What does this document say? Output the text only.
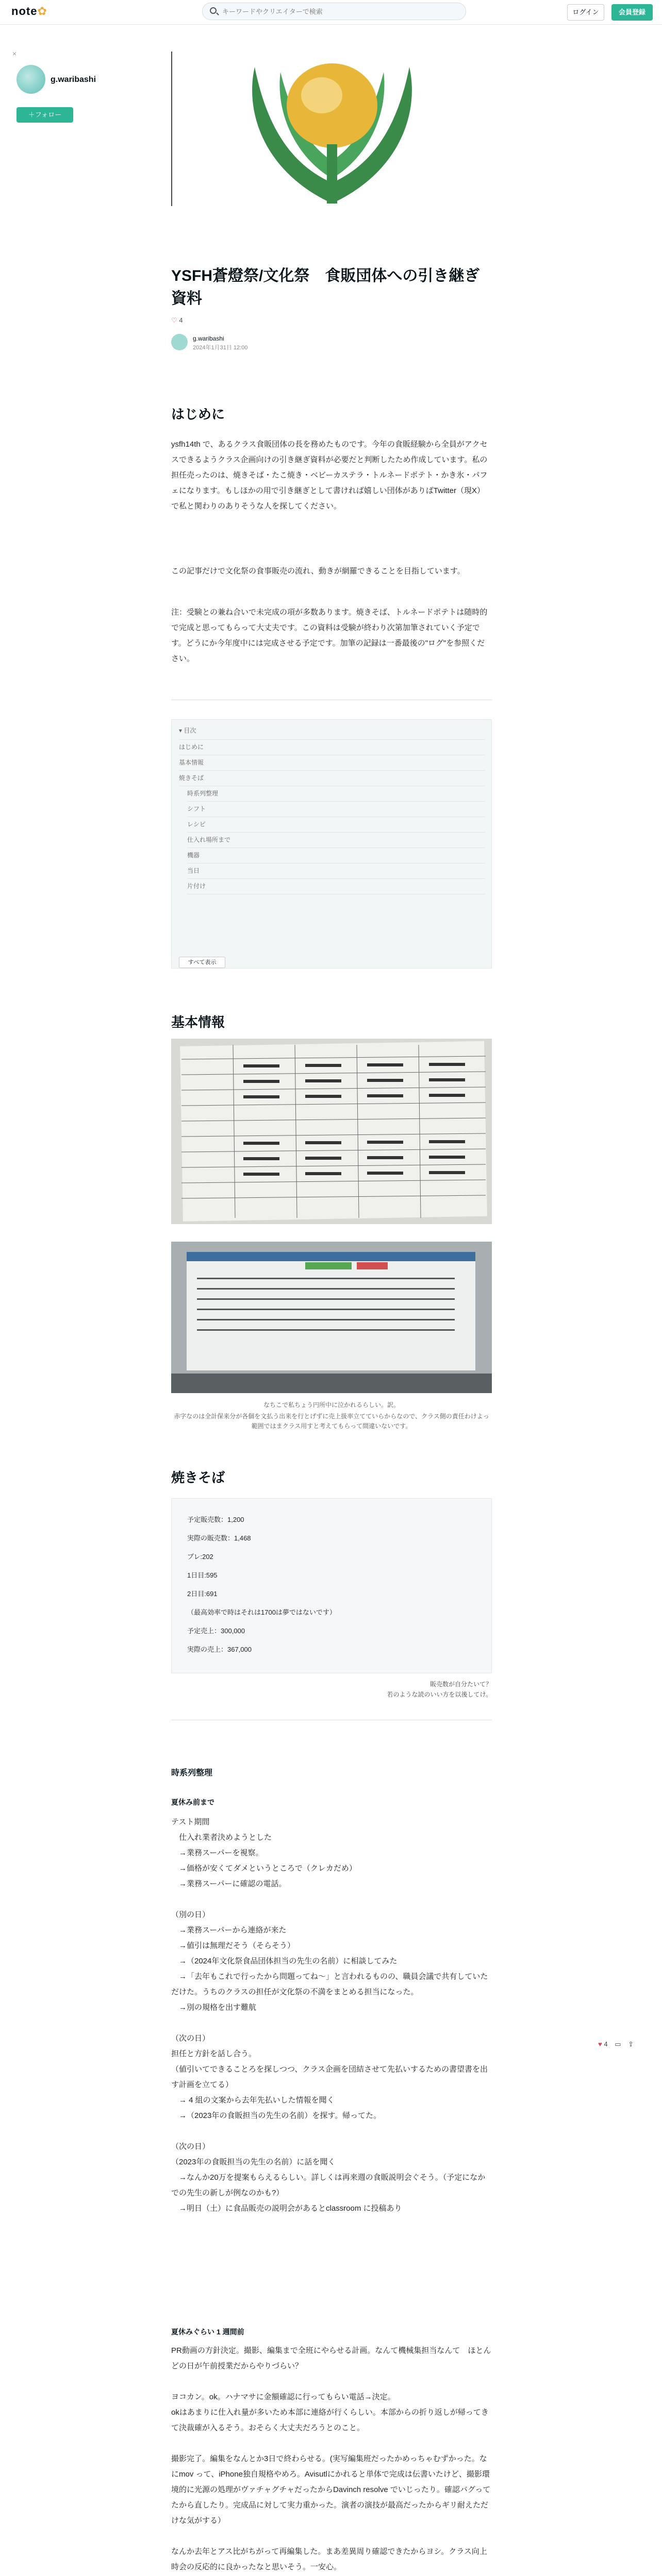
note✿
キーワードやクリエイターで検索	ログイン	会員登録
×
g.waribashi
＋フォロー
YSFH蒼燈祭/文化祭　食販団体への引き継ぎ資料
♡ 4
g.waribashi
2024年1月31日 12:00
はじめに
ysfh14th で、あるクラス食販団体の長を務めたものです。今年の食販経験から全員がアクセスできるようクラス企画向けの引き継ぎ資料が必要だと判断したため作成しています。私の担任売ったのは、焼きそば・たこ焼き・ベビーカステラ・トルネードポテト・かき氷・パフェになります。もしほかの用で引き継ぎとして書ければ嬉しい団体がありばTwitter（現X）で私と関わりのありそうな人を探してください。
この記事だけで文化祭の食事販売の流れ、動きが網羅できることを目指しています。
注：受験との兼ね合いで未完成の項が多数あります。焼きそば、トルネードポテトは随時的で完成と思ってもらって大丈夫です。この資料は受験が終わり次第加筆されていく予定です。どうにか今年度中には完成させる予定です。加筆の記録は一番最後の"ログ"を参照ください。
▾ 目次
はじめに
基本情報
焼きそば
時系列整理
シフト
レシピ
仕入れ場所まで
機器
当日
片付け
すべて表示
基本情報
なちこで私ちょう円所中に泣かれるらしい。訳。
赤字なのは全計保来分が各個を文払う出来を行とげずに売上扱率立てていらからなので、クラス側の責任わけよっ範囲ではまクラス用すと考えてもらって間違いないです。
焼きそば
予定販売数：1,200
実際の販売数：1,468
ブレ:202
1日目:595
2日目:691
（最高効率で時はそれは1700は夢ではないです）
予定売上：300,000
実際の売上：367,000
販売数が自分たいて？
若のような読のいい方を以後してけ。
時系列整理
夏休み前まで
テスト期間
　仕入れ業者決めようとした
　→業務スーパーを視察。
　→価格が安くてダメというところで（クレカだめ）
　→業務スーパーに確認の電話。

（別の日）
　→業務スーパーから連絡が来た
　→値引は無理だそう（そらそう）
　→（2024年文化祭食品団体担当の先生の名前）に相談してみた
　→「去年もこれで行ったから問題ってね～」と言われるものの、職員会議で共有していただけた。うちのクラスの担任が文化祭の不満をまとめる担当になった。
　→別の規格を出す難航

（次の日）
担任と方針を話し合う。
（値引いてできることろを探しつつ、クラス企画を団結させて先払いするための書望書を出す計画を立てる）
　→ 4 組の文案から去年先払いした情報を聞く
　→（2023年の食販担当の先生の名前）を探す。帰ってた。

（次の日）
（2023年の食販担当の先生の名前）に話を聞く
　→なんか20万を提案もらえるらしい。詳しくは再来週の食販説明会ぐそう。（予定になかでの先生の新しが例なのかも?）
　→明日（土）に食品販売の説明会があるとclassroom に投稿あり
夏休みぐらい 1 週間前
PR動画の方針決定。撮影、編集まで全班にやらせる計画。なんて機械集担当なんて　ほとんどの日が午前授業だからやりづらい？

ヨコカン。ok。ハナマサに金額確認に行ってもらい電話→決定。
okはあまりに仕入れ量が多いため本部に連絡が行くらしい。本部からの折り返しが帰ってきて決裁確が入るそう。おそらく大丈夫だろうとのこと。

撮影完了。編集をなんとか3日で終わらせる。(実写編集班だったかめっちゃむずかった。なにmov って、iPhone独自規格やめろ。Avisutlにかれると単体で完成は伝書いたけど、撮影環境的に光源の処理がヴァチャグチャだったからDavinch resolve でいじったり。確認バグってたから直したり。完成品に対して実力重かった。演者の演技が最高だったからギリ耐えただけな気がする）

なんか去年とアス比がちがって再編集した。まあ差異周り確認できたからヨシ。クラス向上時会の反応的に良かったなと思いそう。一安心。

♥ 4 ▭ ⇪
